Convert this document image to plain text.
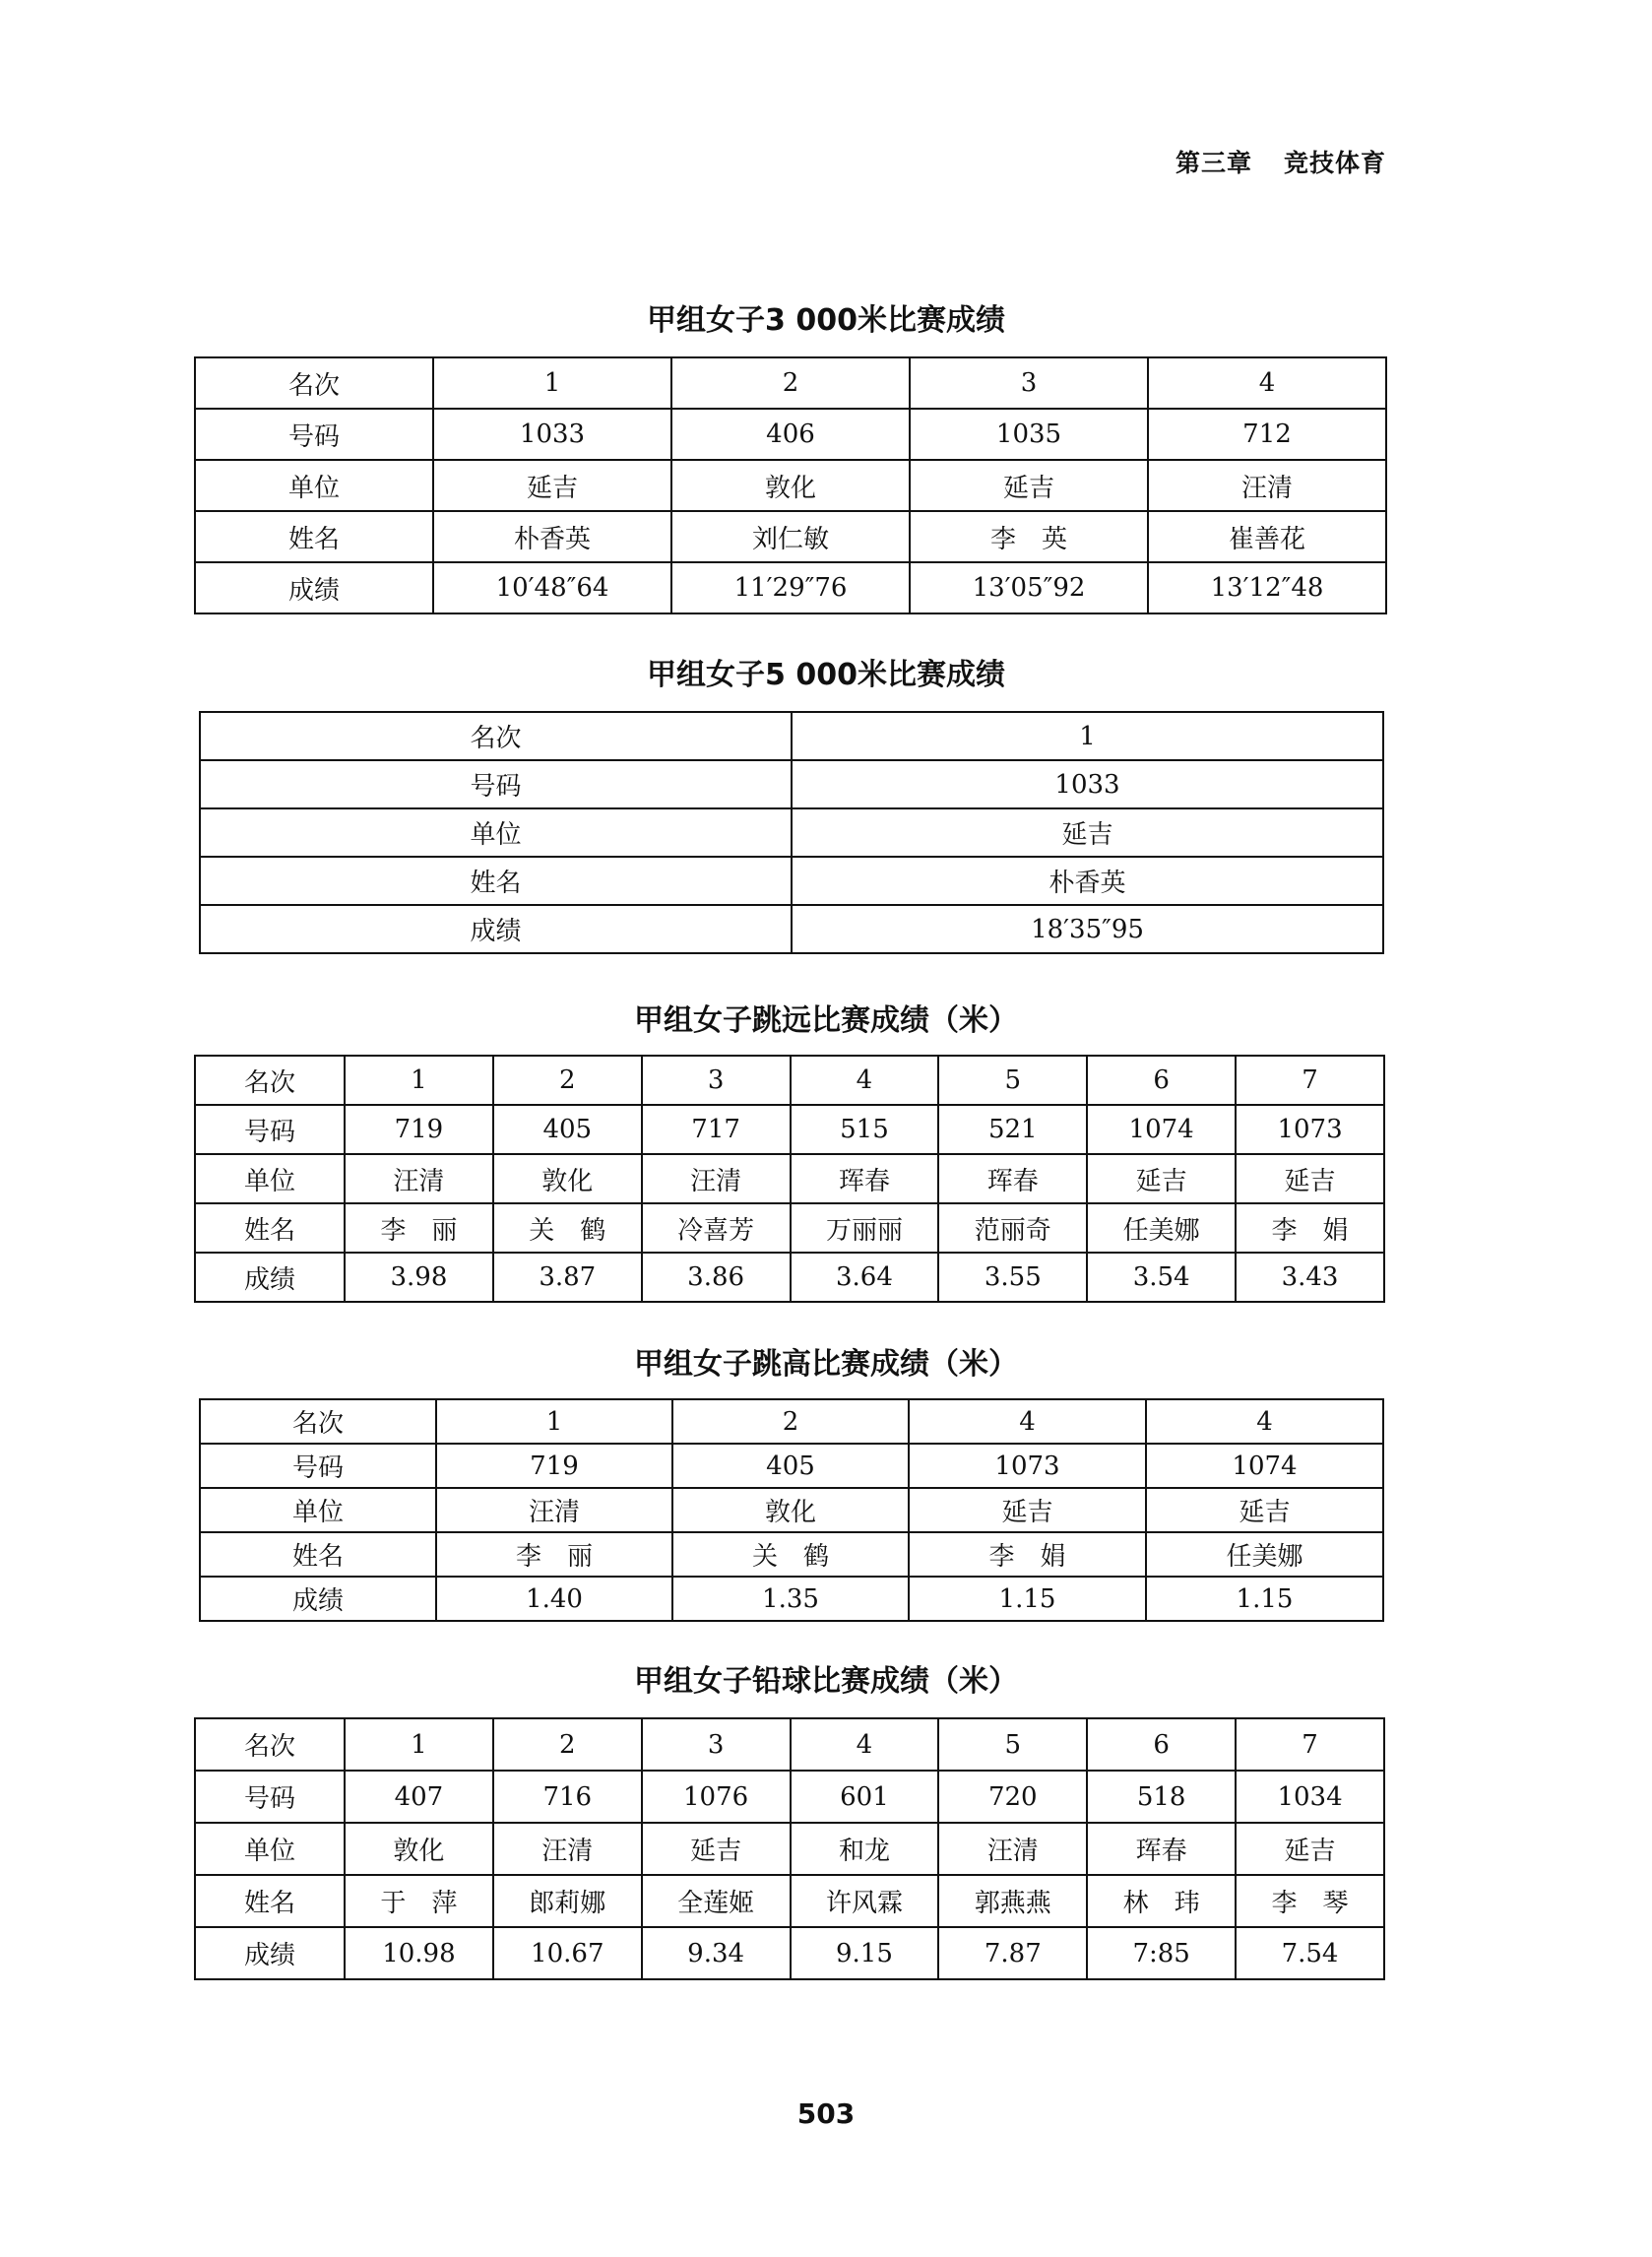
第三章 竞技体育
甲组女子3 000米比赛成绩
名次	1	2	3	4
号码	1033	406	1035	712
单位	延吉	敦化	延吉	汪清
姓名	朴香英	刘仁敏	李　英	崔善花
成绩	10′48″64	11′29″76	13′05″92	13′12″48
甲组女子5 000米比赛成绩
名次	1
号码	1033
单位	延吉
姓名	朴香英
成绩	18′35″95
甲组女子跳远比赛成绩（米）
名次	1	2	3	4	5	6	7
号码	719	405	717	515	521	1074	1073
单位	汪清	敦化	汪清	珲春	珲春	延吉	延吉
姓名	李　丽	关　鹤	冷喜芳	万丽丽	范丽奇	任美娜	李　娟
成绩	3.98	3.87	3.86	3.64	3.55	3.54	3.43
甲组女子跳高比赛成绩（米）
名次	1	2	4	4
号码	719	405	1073	1074
单位	汪清	敦化	延吉	延吉
姓名	李　丽	关　鹤	李　娟	任美娜
成绩	1.40	1.35	1.15	1.15
甲组女子铅球比赛成绩（米）
名次	1	2	3	4	5	6	7
号码	407	716	1076	601	720	518	1034
单位	敦化	汪清	延吉	和龙	汪清	珲春	延吉
姓名	于　萍	郎莉娜	全莲姬	许风霖	郭燕燕	林　玮	李　琴
成绩	10.98	10.67	9.34	9.15	7.87	7:85	7.54
503
